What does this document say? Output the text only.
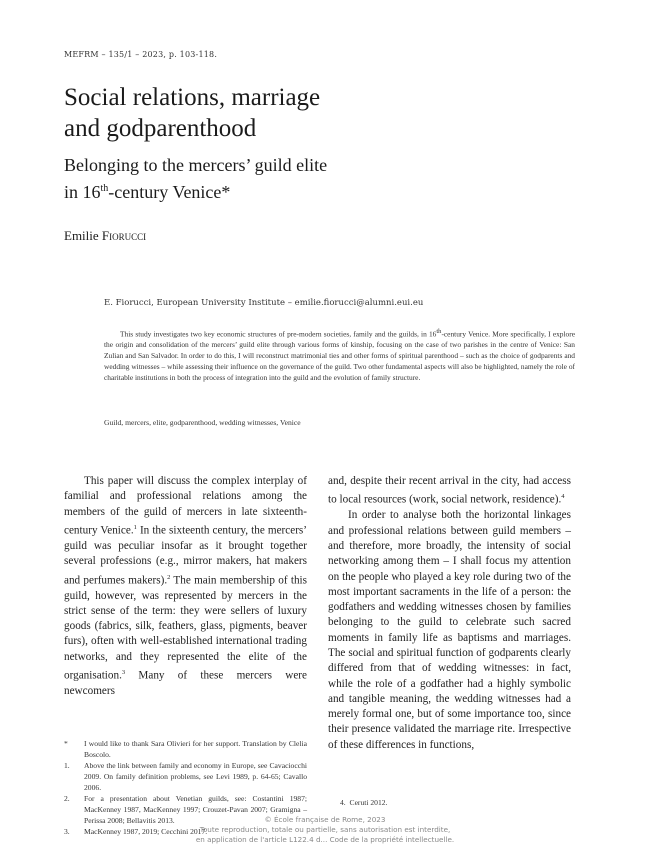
MEFRM – 135/1 – 2023, p. 103-118.
Social relations, marriage
and godparenthood
Belonging to the mercers’ guild elite
in 16th-century Venice*
Emilie Fiorucci
E. Fiorucci, European University Institute – emilie.fiorucci@alumni.eui.eu

This study investigates two key economic structures of pre-modern societies, family and the guilds, in 16th-century Venice. More specifically, I explore the origin and consolidation of the mercers’ guild elite through various forms of kinship, focusing on the case of two parishes in the centre of Venice: San Zulian and San Salvador. In order to do this, I will reconstruct matrimonial ties and other forms of spiritual parenthood – such as the choice of godparents and wedding witnesses – while assessing their influence on the governance of the guild. Two other fundamental aspects will also be highlighted, namely the role of charitable institutions in both the process of integration into the guild and the evolution of family structure.

Guild, mercers, elite, godparenthood, wedding witnesses, Venice

This paper will discuss the complex interplay of familial and professional relations among the members of the guild of mercers in late sixteenth-century Venice.$^1$ In the sixteenth century, the mercers’ guild was peculiar insofar as it brought together several professions (e.g., mirror makers, hat makers and perfumes makers).$^2$ The main membership of this guild, however, was represented by mercers in the strict sense of the term: they were sellers of luxury goods (fabrics, silk, feathers, glass, pigments, beaver furs), often with well-established international trading networks, and they represented the elite of the organisation.$^3$ Many of these mercers were newcomers

and, despite their recent arrival in the city, had access to local resources (work, social network, residence).$^4$

In order to analyse both the horizontal linkages and professional relations between guild members – and therefore, more broadly, the intensity of social networking among them – I shall focus my attention on the people who played a key role during two of the most important sacraments in the life of a person: the godfathers and wedding witnesses chosen by families belonging to the guild to celebrate such sacred moments in family life as baptisms and marriages. The social and spiritual function of godparents clearly differed from that of wedding witnesses: in fact, while the role of a godfather had a highly symbolic and tangible meaning, the wedding witnesses had a merely formal one, but of some importance too, since their presence validated the marriage rite. Irrespective of these differences in functions,

*	I would like to thank Sara Olivieri for her support. Translation by Clelia Boscolo.
1.	Above the link between family and economy in Europe, see Cavaciocchi 2009. On family definition problems, see Levi 1989, p. 64-65; Cavallo 2006.
2.	For a presentation about Venetian guilds, see: Costantini 1987; MacKenney 1987, MacKenney 1997; Crouzet-Pavan 2007; Gramigna – Perissa 2008; Bellavitis 2013.
3.	MacKenney 1987, 2019; Cecchini 2017.
4. Ceruti 2012.
© École française de Rome, 2023
Toute reproduction, totale ou partielle, sans autorisation est interdite,
en application de l'article L122.4 d... Code de la propriété intellectuelle.
